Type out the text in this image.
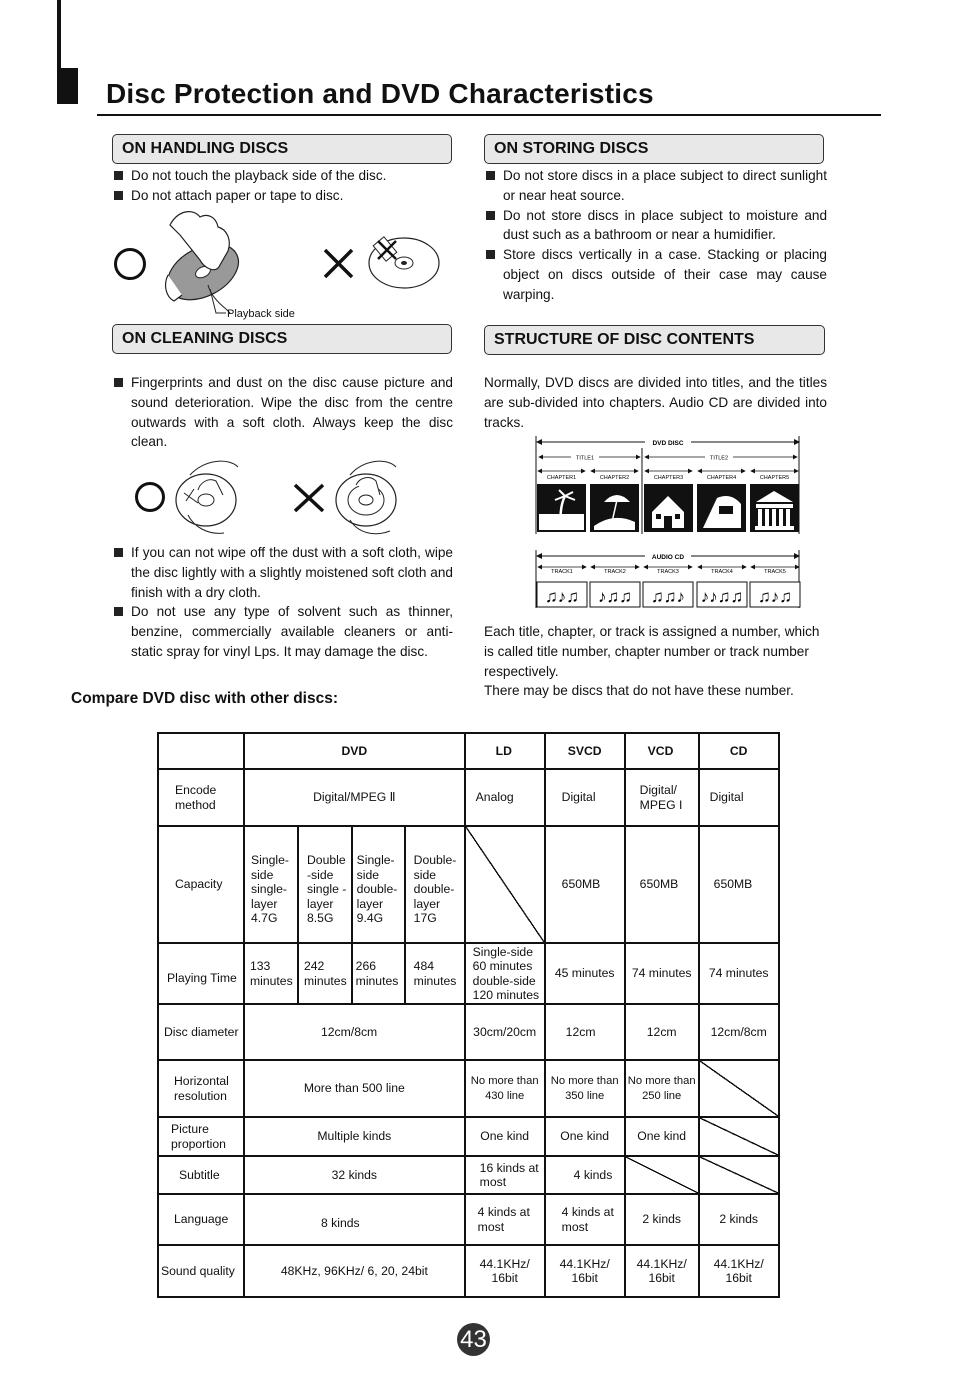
Disc Protection and DVD Characteristics
ON HANDLING DISCS
Do not touch the playback side of the disc.
Do not attach paper or tape to disc.
Playback side
ON STORING DISCS
Do not store discs in a place subject to direct sunlight or near heat source.
Do not store discs in place subject to moisture and dust such as a bathroom or near a humidifier.
Store discs vertically in a case. Stacking or placing object on discs outside of their case may cause warping.
ON CLEANING DISCS
Fingerprints and dust on the disc cause picture and sound deterioration. Wipe the disc from the centre outwards with a soft cloth. Always keep the disc clean.
If you can not wipe off the dust with a soft cloth, wipe the disc lightly with a slightly moistened soft cloth and finish with a dry cloth.
Do not use any type of solvent such as thinner, benzine, commercially available cleaners or anti-static spray for vinyl Lps. It may damage the disc.
STRUCTURE OF DISC CONTENTS
Normally, DVD discs are divided into titles, and the titles are sub-divided into chapters. Audio CD are divided into tracks.
DVD DISC
TITLE1	TITLE2
CHAPTER1	CHAPTER2	CHAPTER3	CHAPTER4	CHAPTER5
AUDIO CD
TRACK1
♫♪♫
TRACK2
♪♫♫
TRACK3
♫♫♪
TRACK4
♪♪♫♫
TRACK5
♫♪♫
Each title, chapter, or track is assigned a number, which is called title number, chapter number or track number respectively.
There may be discs that do not have these number.
Compare DVD disc with other discs:
	DVD				LD	SVCD	VCD	CD
Encode method	Digital/MPEG Ⅱ				Analog	Digital	Digital/ MPEG I	Digital
Capacity	Single- side single- layer 4.7G	Double -side single -layer 8.5G	Single- side double- layer 9.4G	Double- side double- layer 17G		650MB	650MB	650MB
Playing Time	133 minutes	242 minutes	266 minutes	484 minutes	Single-side 60 minutes double-side 120 minutes	45 minutes	74 minutes	74 minutes
Disc diameter	12cm/8cm				30cm/20cm	12cm	12cm	12cm/8cm
Horizontal resolution	More than 500 line				No more than 430 line	No more than 350 line	No more than 250 line	
Picture proportion	Multiple kinds				One kind	One kind	One kind	
Subtitle	32 kinds				16 kinds at most	4 kinds		
Language	8 kinds				4 kinds at most	4 kinds at most	2 kinds	2 kinds
Sound quality	48KHz, 96KHz/ 6, 20, 24bit				44.1KHz/ 16bit	44.1KHz/ 16bit	44.1KHz/ 16bit	44.1KHz/ 16bit
43
